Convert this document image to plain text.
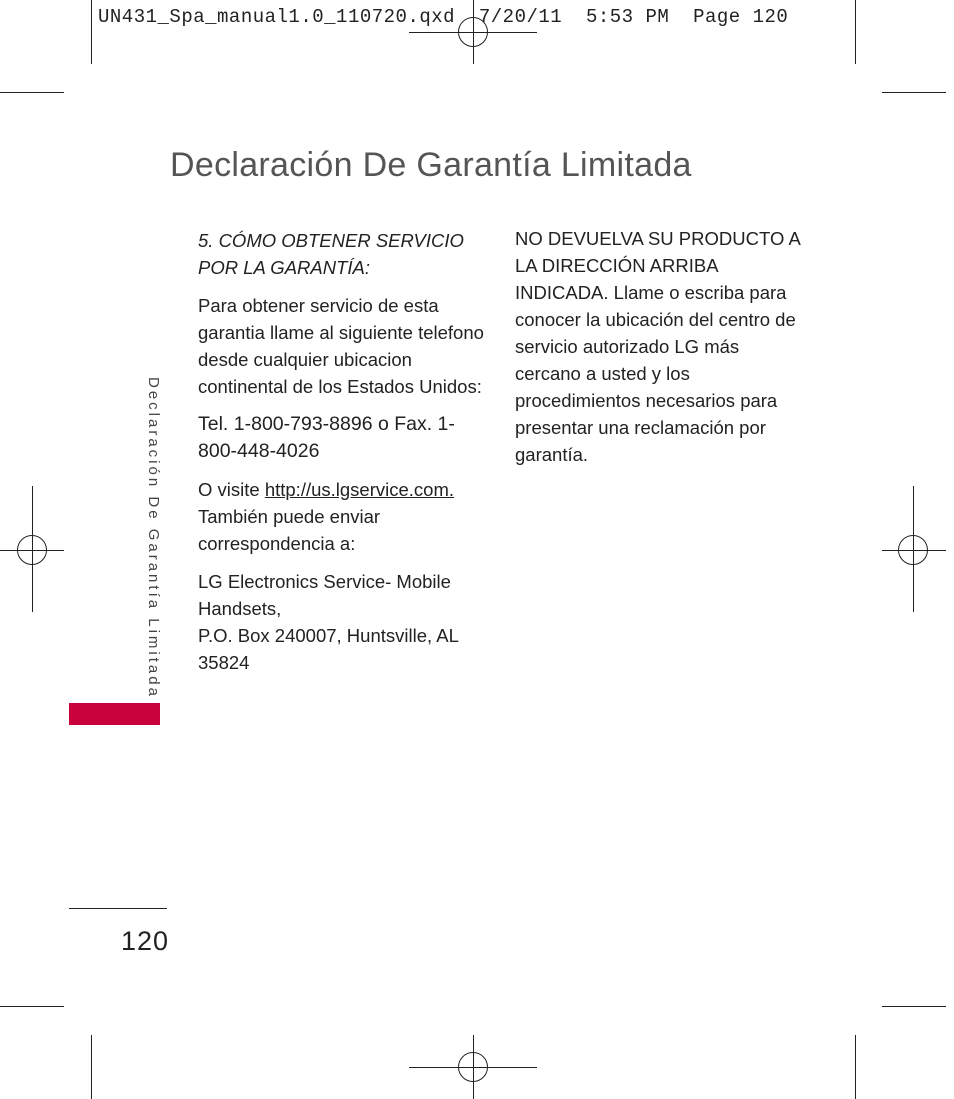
UN431_Spa_manual1.0_110720.qxd  7/20/11  5:53 PM  Page 120
Declaración De Garantía Limitada
Declaración De Garantía Limitada
120

5. CÓMO OBTENER SERVICIO POR LA GARANTÍA:

Para obtener servicio de esta garantia llame al siguiente telefono desde cualquier ubicacion continental de los Estados Unidos:

Tel. 1-800-793-8896 o Fax. 1-800-448-4026

O visite http://us.lgservice.com.
También puede enviar correspondencia a:

LG Electronics Service- Mobile Handsets,
P.O. Box 240007, Huntsville, AL 35824

NO DEVUELVA SU PRODUCTO A LA DIRECCIÓN ARRIBA INDICADA. Llame o escriba para conocer la ubicación del centro de servicio autorizado LG más cercano a usted y los procedimientos necesarios para presentar una reclamación por garantía.
